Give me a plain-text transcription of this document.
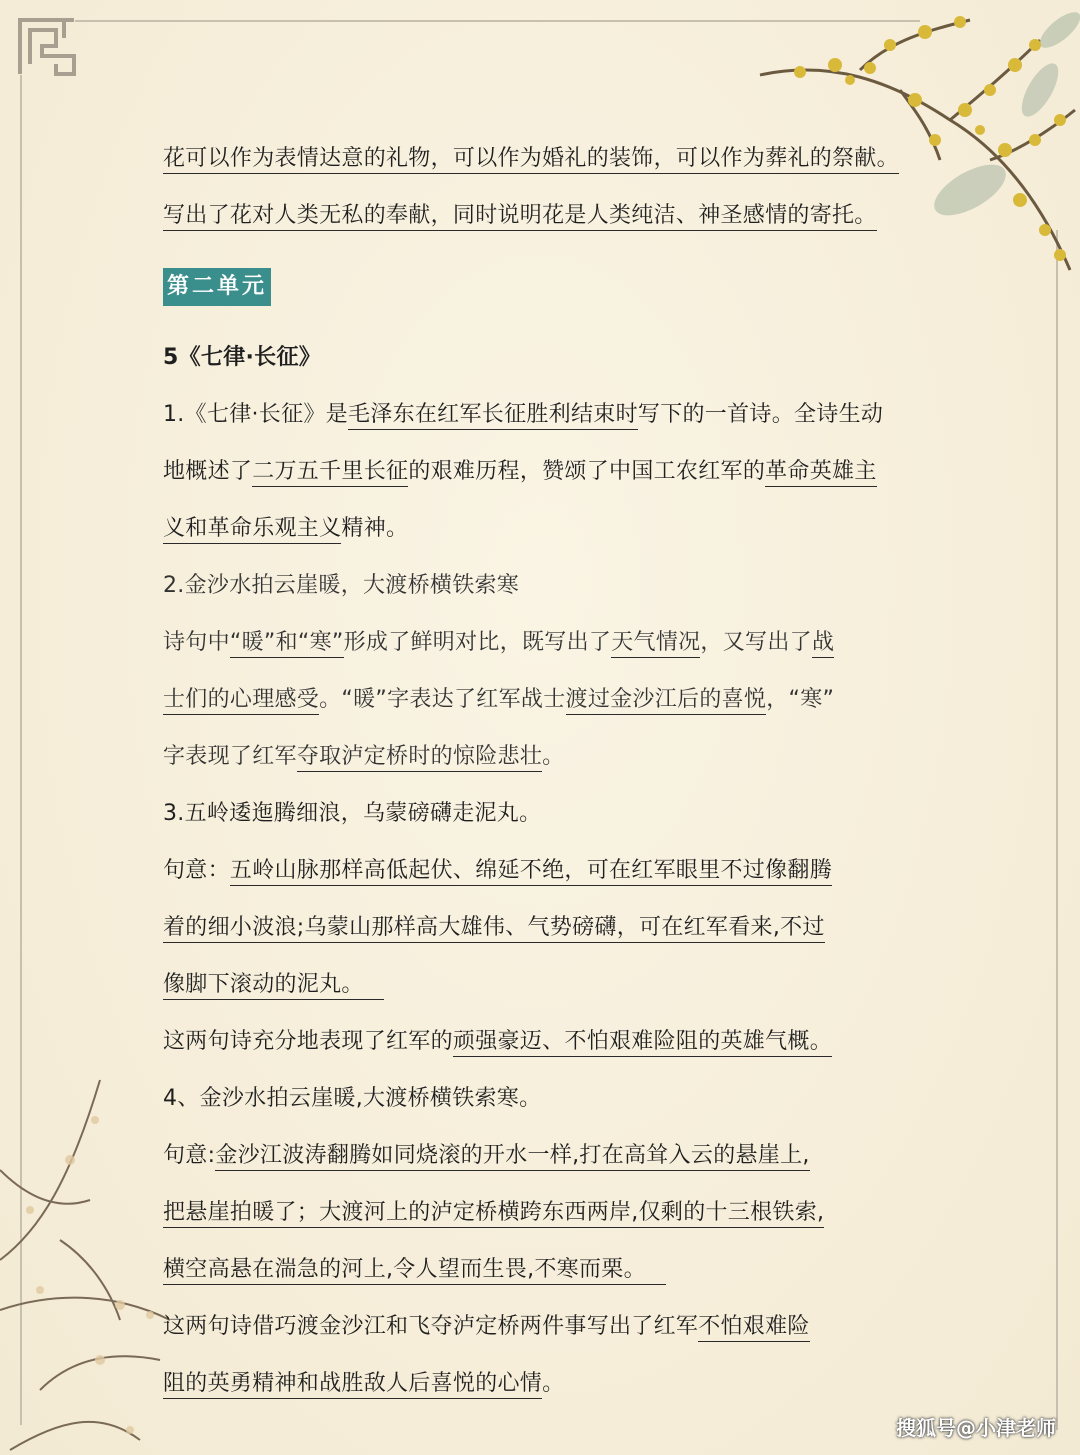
花可以作为表情达意的礼物，可以作为婚礼的装饰，可以作为葬礼的祭献。
写出了花对人类无私的奉献，同时说明花是人类纯洁、神圣感情的寄托。
第二单元
5《七律·长征》
1.《七律·长征》是毛泽东在红军长征胜利结束时写下的一首诗。全诗生动
地概述了二万五千里长征的艰难历程，赞颂了中国工农红军的革命英雄主
义和革命乐观主义精神。
2.金沙水拍云崖暖，大渡桥横铁索寒
诗句中“暖”和“寒”形成了鲜明对比，既写出了天气情况，又写出了战
士们的心理感受。“暖”字表达了红军战士渡过金沙江后的喜悦，“寒”
字表现了红军夺取泸定桥时的惊险悲壮。
3.五岭逶迤腾细浪，乌蒙磅礴走泥丸。
句意：五岭山脉那样高低起伏、绵延不绝，可在红军眼里不过像翻腾
着的细小波浪;乌蒙山那样高大雄伟、气势磅礴，可在红军看来,不过
像脚下滚动的泥丸。
这两句诗充分地表现了红军的顽强豪迈、不怕艰难险阻的英雄气概。
4、金沙水拍云崖暖,大渡桥横铁索寒。
句意:金沙江波涛翻腾如同烧滚的开水一样,打在高耸入云的悬崖上,
把悬崖拍暖了；大渡河上的泸定桥横跨东西两岸,仅剩的十三根铁索,
横空高悬在湍急的河上,令人望而生畏,不寒而栗。
这两句诗借巧渡金沙江和飞夺泸定桥两件事写出了红军不怕艰难险
阻的英勇精神和战胜敌人后喜悦的心情。
搜狐号@小津老师
